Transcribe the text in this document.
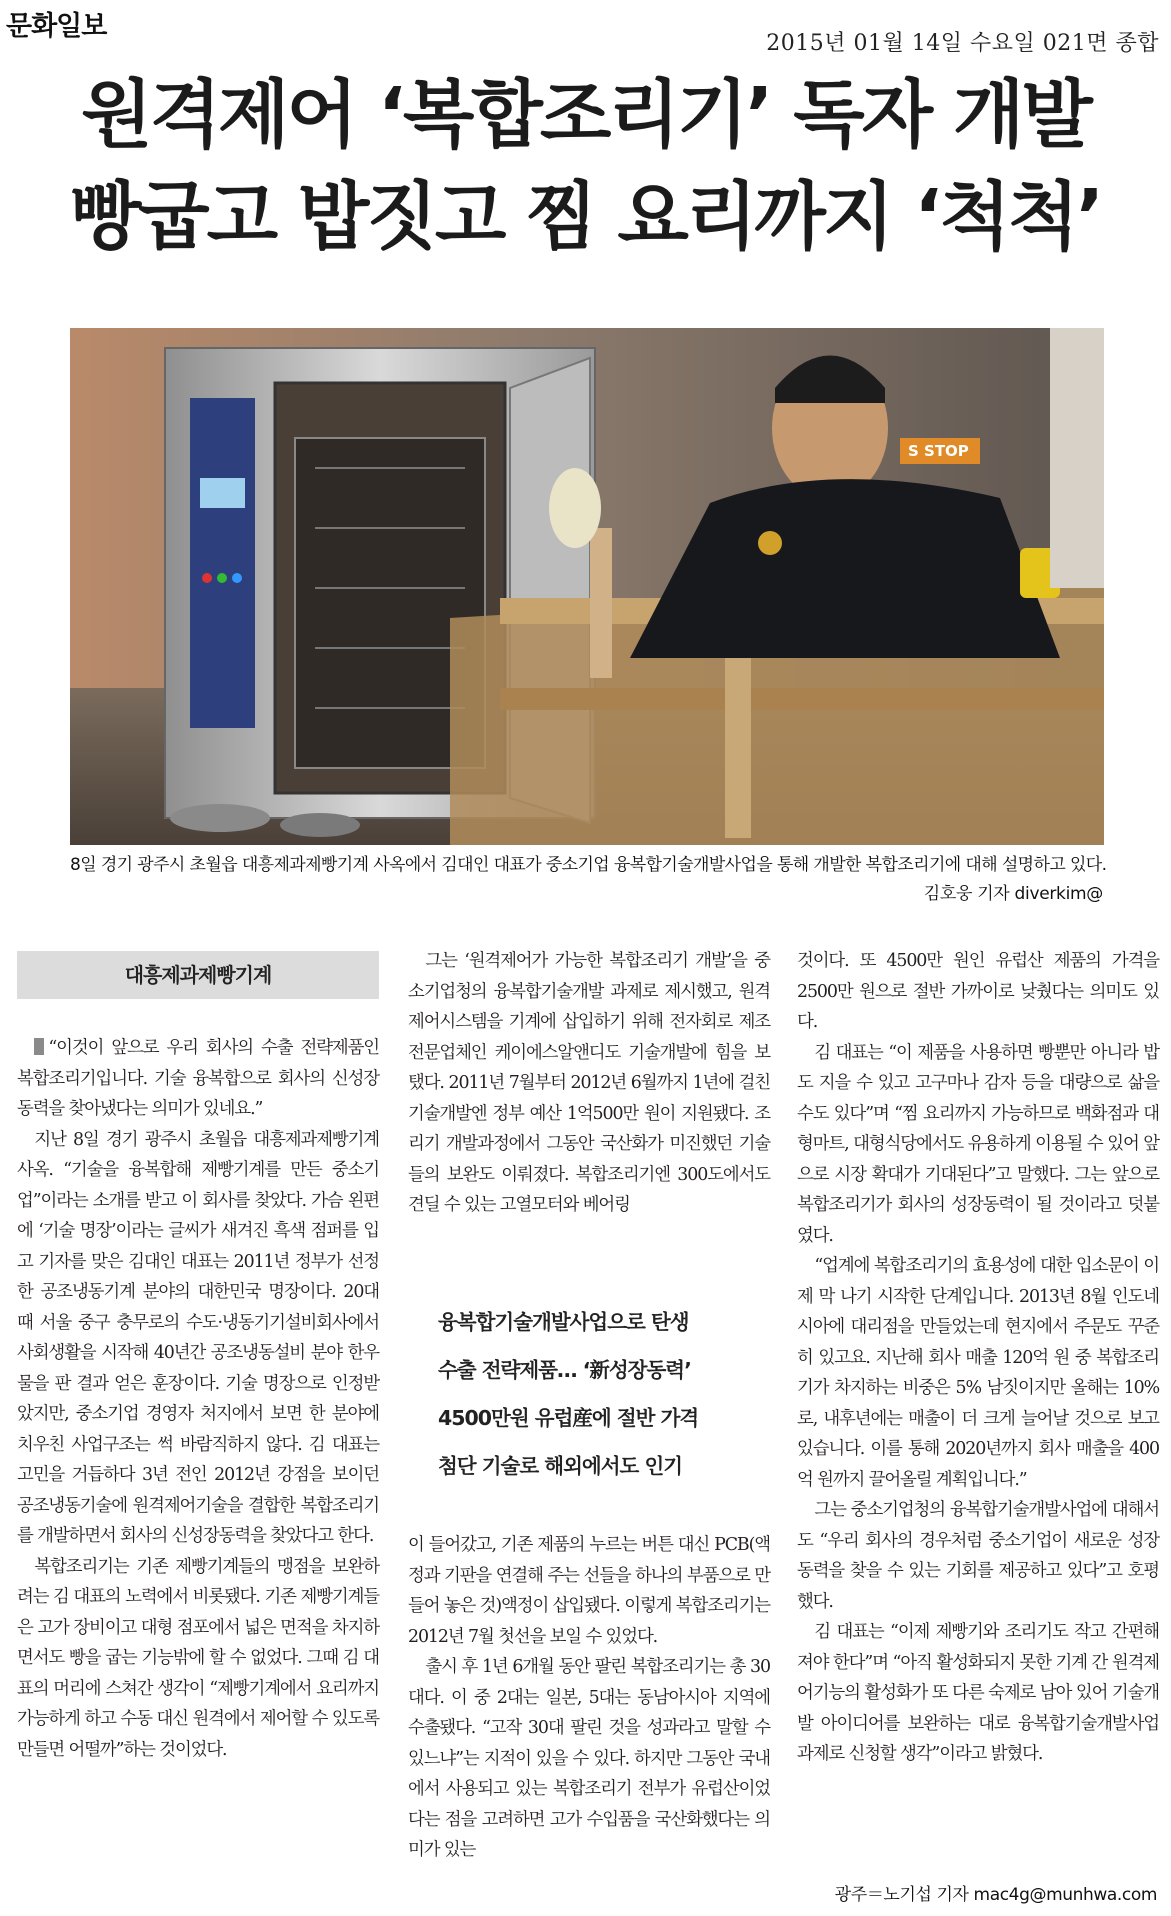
문화일보
2015년 01월 14일 수요일 021면 종합
원격제어 ‘복합조리기’ 독자 개발
빵굽고 밥짓고 찜 요리까지 ‘척척’
S STOP
8일 경기 광주시 초월읍 대흥제과제빵기계 사옥에서 김대인 대표가 중소기업 융복합기술개발사업을 통해 개발한 복합조리기에 대해 설명하고 있다.
김호웅 기자 diverkim@
대흥제과제빵기계

“이것이 앞으로 우리 회사의 수출 전략제품인 복합조리기입니다. 기술 융복합으로 회사의 신성장동력을 찾아냈다는 의미가 있네요.”

지난 8일 경기 광주시 초월읍 대흥제과제빵기계 사옥. “기술을 융복합해 제빵기계를 만든 중소기업”이라는 소개를 받고 이 회사를 찾았다. 가슴 왼편에 ‘기술 명장’이라는 글씨가 새겨진 흑색 점퍼를 입고 기자를 맞은 김대인 대표는 2011년 정부가 선정한 공조냉동기계 분야의 대한민국 명장이다. 20대 때 서울 중구 충무로의 수도·냉동기기설비회사에서 사회생활을 시작해 40년간 공조냉동설비 분야 한우물을 판 결과 얻은 훈장이다. 기술 명장으로 인정받았지만, 중소기업 경영자 처지에서 보면 한 분야에 치우친 사업구조는 썩 바람직하지 않다. 김 대표는 고민을 거듭하다 3년 전인 2012년 강점을 보이던 공조냉동기술에 원격제어기술을 결합한 복합조리기를 개발하면서 회사의 신성장동력을 찾았다고 한다.

복합조리기는 기존 제빵기계들의 맹점을 보완하려는 김 대표의 노력에서 비롯됐다. 기존 제빵기계들은 고가 장비이고 대형 점포에서 넓은 면적을 차지하면서도 빵을 굽는 기능밖에 할 수 없었다. 그때 김 대표의 머리에 스쳐간 생각이 “제빵기계에서 요리까지 가능하게 하고 수동 대신 원격에서 제어할 수 있도록 만들면 어떨까”하는 것이었다.

그는 ‘원격제어가 가능한 복합조리기 개발’을 중소기업청의 융복합기술개발 과제로 제시했고, 원격제어시스템을 기계에 삽입하기 위해 전자회로 제조 전문업체인 케이에스알앤디도 기술개발에 힘을 보탰다. 2011년 7월부터 2012년 6월까지 1년에 걸친 기술개발엔 정부 예산 1억500만 원이 지원됐다. 조리기 개발과정에서 그동안 국산화가 미진했던 기술들의 보완도 이뤄졌다. 복합조리기엔 300도에서도 견딜 수 있는 고열모터와 베어링

융복합기술개발사업으로 탄생
수출 전략제품… ‘新성장동력’
4500만원 유럽産에 절반 가격
첨단 기술로 해외에서도 인기

이 들어갔고, 기존 제품의 누르는 버튼 대신 PCB(액정과 기판을 연결해 주는 선들을 하나의 부품으로 만들어 놓은 것)액정이 삽입됐다. 이렇게 복합조리기는 2012년 7월 첫선을 보일 수 있었다.

출시 후 1년 6개월 동안 팔린 복합조리기는 총 30대다. 이 중 2대는 일본, 5대는 동남아시아 지역에 수출됐다. “고작 30대 팔린 것을 성과라고 말할 수 있느냐”는 지적이 있을 수 있다. 하지만 그동안 국내에서 사용되고 있는 복합조리기 전부가 유럽산이었다는 점을 고려하면 고가 수입품을 국산화했다는 의미가 있는

것이다. 또 4500만 원인 유럽산 제품의 가격을 2500만 원으로 절반 가까이로 낮췄다는 의미도 있다.

김 대표는 “이 제품을 사용하면 빵뿐만 아니라 밥도 지을 수 있고 고구마나 감자 등을 대량으로 삶을 수도 있다”며 “찜 요리까지 가능하므로 백화점과 대형마트, 대형식당에서도 유용하게 이용될 수 있어 앞으로 시장 확대가 기대된다”고 말했다. 그는 앞으로 복합조리기가 회사의 성장동력이 될 것이라고 덧붙였다.

“업계에 복합조리기의 효용성에 대한 입소문이 이제 막 나기 시작한 단계입니다. 2013년 8월 인도네시아에 대리점을 만들었는데 현지에서 주문도 꾸준히 있고요. 지난해 회사 매출 120억 원 중 복합조리기가 차지하는 비중은 5% 남짓이지만 올해는 10%로, 내후년에는 매출이 더 크게 늘어날 것으로 보고 있습니다. 이를 통해 2020년까지 회사 매출을 400억 원까지 끌어올릴 계획입니다.”

그는 중소기업청의 융복합기술개발사업에 대해서도 “우리 회사의 경우처럼 중소기업이 새로운 성장동력을 찾을 수 있는 기회를 제공하고 있다”고 호평했다.

김 대표는 “이제 제빵기와 조리기도 작고 간편해져야 한다”며 “아직 활성화되지 못한 기계 간 원격제어기능의 활성화가 또 다른 숙제로 남아 있어 기술개발 아이디어를 보완하는 대로 융복합기술개발사업 과제로 신청할 생각”이라고 밝혔다.

광주＝노기섭 기자 mac4g@munhwa.com
